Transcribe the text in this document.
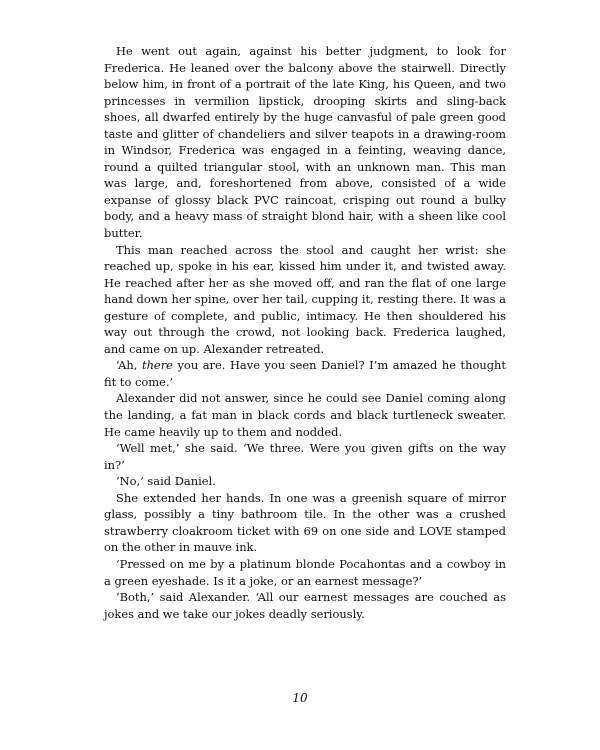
He went out again, against his better judgment, to look for Frederica. He leaned over the balcony above the stairwell. Directly below him, in front of a portrait of the late King, his Queen, and two princesses in vermilion lipstick, drooping skirts and sling-back shoes, all dwarfed entirely by the huge canvasful of pale green good taste and glitter of chandeliers and silver teapots in a drawing-room in Windsor, Frederica was engaged in a feinting, weaving dance, round a quilted triangular stool, with an unknown man. This man was large, and, foreshortened from above, consisted of a wide expanse of glossy black PVC raincoat, crisping out round a bulky body, and a heavy mass of straight blond hair, with a sheen like cool butter.

This man reached across the stool and caught her wrist: she reached up, spoke in his ear, kissed him under it, and twisted away. He reached after her as she moved off, and ran the flat of one large hand down her spine, over her tail, cupping it, resting there. It was a gesture of complete, and public, intimacy. He then shouldered his way out through the crowd, not looking back. Frederica laughed, and came on up. Alexander retreated.

‘Ah, there you are. Have you seen Daniel? I’m amazed he thought fit to come.’

Alexander did not answer, since he could see Daniel coming along the landing, a fat man in black cords and black turtleneck sweater. He came heavily up to them and nodded.

‘Well met,’ she said. ‘We three. Were you given gifts on the way in?’

‘No,’ said Daniel.

She extended her hands. In one was a greenish square of mirror glass, possibly a tiny bathroom tile. In the other was a crushed strawberry cloakroom ticket with 69 on one side and LOVE stamped on the other in mauve ink.

‘Pressed on me by a platinum blonde Pocahontas and a cowboy in a green eyeshade. Is it a joke, or an earnest message?’

‘Both,’ said Alexander. ‘All our earnest messages are couched as jokes and we take our jokes deadly seriously.

10
